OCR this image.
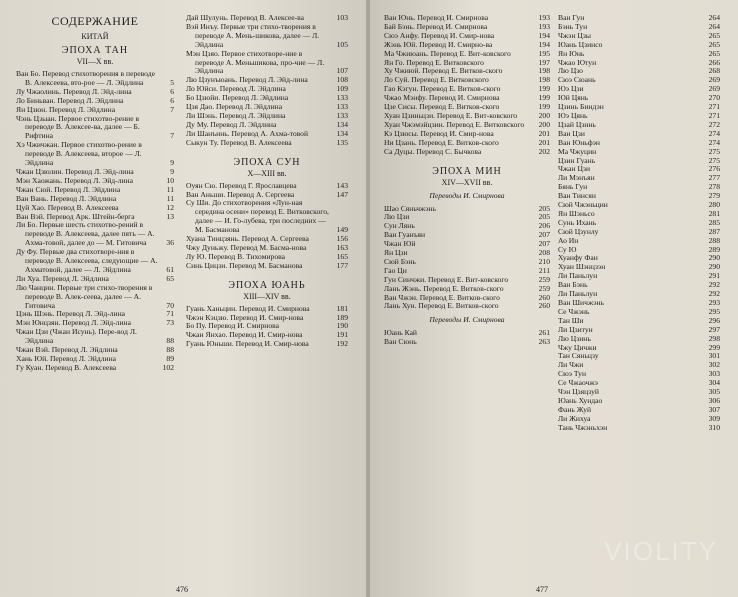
СОДЕРЖАНИЕ
КИТАЙ
ЭПОХА ТАН
VII—X вв.
Ван Бо. Перевод стихотворения в переводе В. Алексеева, вто-рое — Л. Эйдлина	5
Лу Чжаолинь. Перевод Л. Эйд-лина	6
Ло Биньван. Перевод Л. Эйдлина	6
Ян Цзюн. Перевод Л. Эйдлина	7
Чэнь Цзыан. Первое стихотво-рение в переводе В. Алексее-ва, далее — Б. Рифтина	7
Хэ Чжичжан. Первое стихотво-рение в переводе В. Алексеева, второе — Л. Эйдлина	9
Чжан Цзюлин. Перевод Л. Эйд-лина	9
Мэн Хаожань. Перевод Л. Эйд-лина	10
Чжан Сюй. Перевод Л. Эйдлина	11
Ван Вань. Перевод Л. Эйдлина	11
Цуй Хао. Перевод В. Алексеева	12
Ван Вэй. Перевод Арк. Штейн-берга	13
Ли Бо. Первые шесть стихотво-рений в переводе В. Алексеева, далее пять — А. Ахма-товой, далее до — М. Гитовича	36
Ду Фу. Первые два стихотворе-ния в переводе В. Алексеева, следующие — А. Ахматовой, далее — Л. Эйдлина	61
Ли Хуа. Перевод Л. Эйдлина	65
Лю Чанцин. Первые три стихо-творения в переводе В. Алек-сеева, далее — А. Гитовича	70
Цэнь Шэнь. Перевод Л. Эйд-лина	71
Мэн Юнцзян. Перевод Л. Эйд-лина	73
Чжан Цзи (Чжан Исунь). Пере-вод Л. Эйдлина	88
Чжан Вэй. Перевод Л. Эйдлина	88
Хань Юй. Перевод Л. Эйдлина	89
Гу Куан. Перевод В. Алексеева	102
Дай Шулунь. Перевод В. Алексее-ва	103
Вэй Инъу. Первые три стихо-творения в переводе А. Мень-шикова, далее — Л. Эйдлина	105
Мэн Цзяо. Первое стихотворе-ние в переводе А. Меньшикова, про-чие — Л. Эйдлина	107
Лю Цзунъюань. Перевод Л. Эйд-лина	108
Ло Юйси. Перевод Л. Эйдлина	109
Бо Цзюйи. Перевод Л. Эйдлина	133
Цзя Дао. Перевод Л. Эйдлина	133
Ли Шэнь. Перевод Л. Эйдлина	133
Ду Му. Перевод Л. Эйдлина	134
Ли Шанъинь. Перевод А. Ахма-товой	134
Сыкун Ту. Перевод В. Алексеева	135
ЭПОХА СУН
X—XIII вв.
Оуян Сю. Перевод Г. Ярославцева	143
Ван Аньши. Перевод А. Сергеева	147
Су Ши. До стихотворения «Лун-ная середина осени» перевод Е. Витковского, далее — И. Го-лубева, три последних — М. Басманова	149
Хуана Тинцзянь. Перевод А. Сергеева	156
Чжу Дуньжу. Перевод М. Басма-нова	163
Лу Ю. Перевод В. Тихомирова	165
Синь Цицзи. Перевод М. Басманова	177
ЭПОХА ЮАНЬ
XIII—XIV вв.
Гуань Ханьцин. Перевод И. Смирнова	181
Чжэн Кэцзю. Перевод И. Смир-нова	189
Бо Пу. Перевод И. Смирнова	190
Чжан Янхао. Перевод И. Смир-нова	191
Гуань Юньши. Перевод И. Смир-нова	192
476
Ван Юнь. Перевод И. Смирнова	193
Бай Бэнь. Перевод И. Смирнова	193
Сюэ Анфу. Перевод И. Смир-нова	194
Жэнь Юй. Перевод И. Смирно-ва	194
Ма Чжиюань. Перевод Е. Вит-ковского	195
Ян Го. Перевод Е. Витковского	197
Ху Чжиюй. Перевод Е. Витков-ского	198
Ло Суй. Перевод Е. Витковского	198
Гао Кэгун. Перевод Е. Витков-ского	199
Чжао Мэнфу. Перевод И. Смирнова	199
Цзе Сисы. Перевод Е. Витков-ского	199
Хуан Цзиньцзи. Перевод Е. Вит-ковского	200
Хуан Чжэмэйцзин. Перевод Е. Витковского	200
Кэ Цзюсы. Перевод И. Смир-нова	201
Ни Цзань. Перевод Е. Витков-ского	201
Са Дуцы. Перевод С. Бычкова	202
ЭПОХА МИН
XIV—XVII вв.
Переводы И. Смирнова
Шао Сяньчжэнь	205
Лю Цзи	205
Сун Лянь	206
Ван Гуанъян	207
Чжан Юй	207
Ян Цзи	208
Сюй Бэнь	210
Гао Ци	211
Гун Синчжи. Перевод Е. Вит-ковского	259
Лань Жэнь. Перевод Е. Витков-ского	259
Ван Чжэн. Перевод Е. Витков-ского	260
Лань Хун. Перевод Е. Витков-ского	260
Переводы И. Смирнова
Юань Кай	261
Ван Сюнь	263
Ван Гун	264
Бэнь Тун	264
Чжэн Цзы	265
Юань Цзинсо	265
Ян Юнь	265
Чжао Ютун	266
Лю Цзо	268
Сюэ Сюань	269
Юэ Цзи	269
Юй Цянь	270
Цзинь Биндэн	271
Юэ Цянь	271
Цзай Цзинь	272
Ван Цзи	274
Ван Юньфэн	274
Ма Чжуцин	275
Цзин Гуань	275
Чжан Цзи	276
Ли Мэнъян	277
Бянь Гун	278
Ван Тинсян	279
Сюй Чжэньцин	280
Ян Шэньсо	281
Сунь Ихань	285
Сюй Цзунлу	287
Ао Ин	288
Су Ю	289
Хуанфу Фан	290
Хуан Шэнцзэн	290
Ли Паньлун	291
Ван Бэнь	292
Ли Паньлун	292
Ван Шичжэнь	293
Се Чжэнь	295
Тан Ши	296
Ли Цзитун	297
Лю Цзинь	298
Чжу Цичжи	299
Тан Сяньцзу	301
Ли Чжи	302
Сюэ Тун	303
Се Чжаочжэ	304
Чэн Цзяцзуй	305
Юань Хундао	306
Фань Жуй	307
Ли Жихуа	309
Тань Чжэньхэн	310
477
VIOLITY
